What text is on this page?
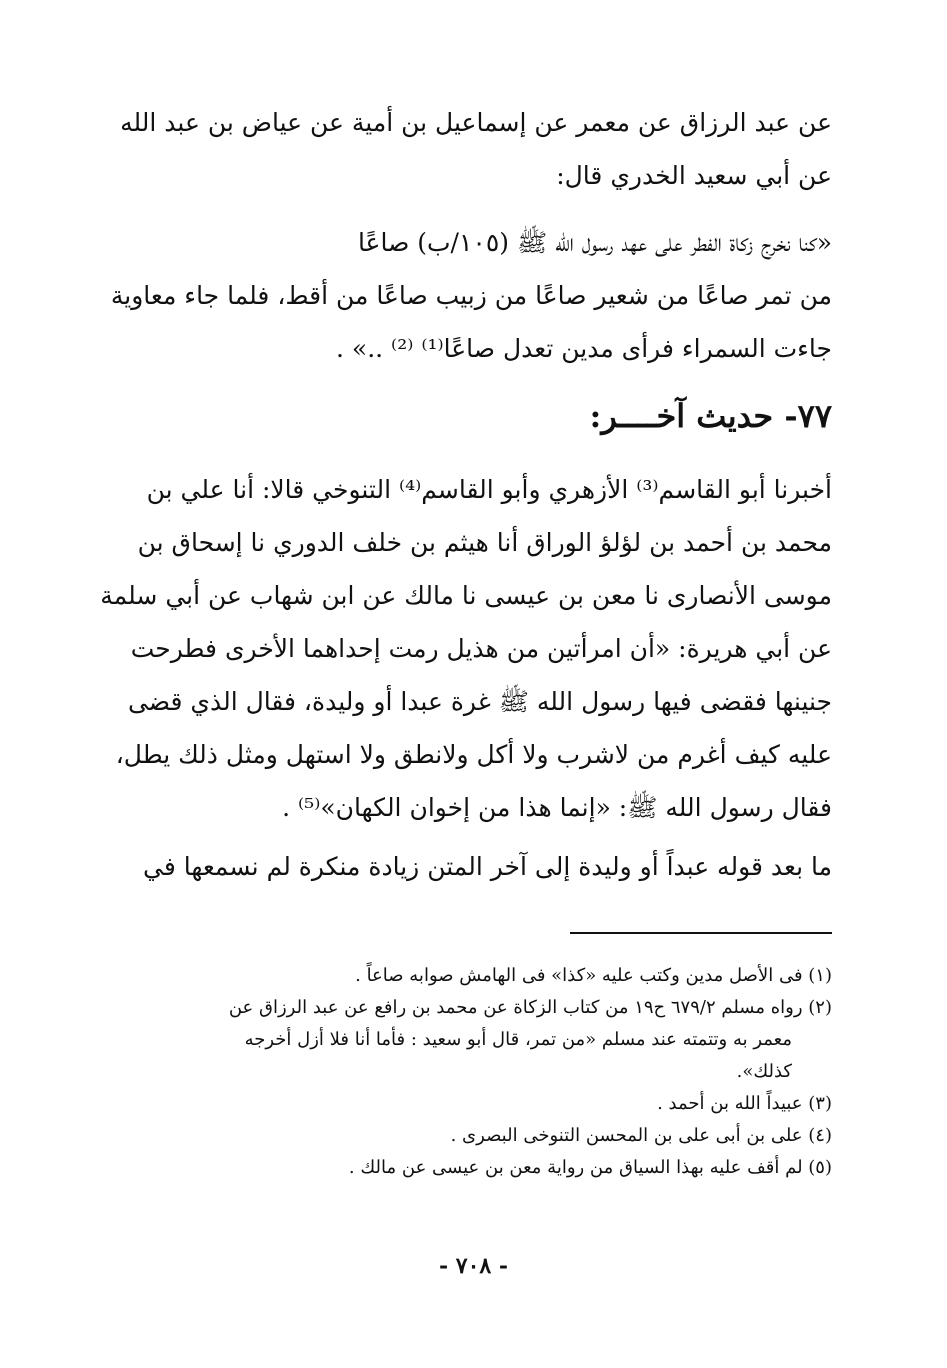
عن عبد الرزاق عن معمر عن إسماعيل بن أمية عن عياض بن عبد الله

عن أبي سعيد الخدري قال:

«كنا نخرج زكاة الفطر على عهد رسول الله ﷺ (١٠٥/ب) صاعًا

من تمر صاعًا من شعير صاعًا من زبيب صاعًا من أقط، فلما جاء معاوية

جاءت السمراء فرأى مدين تعدل صاعًا⁽¹⁾ ⁽²⁾ ..» .

٧٧- حديث آخــــر:

أخبرنا أبو القاسم⁽³⁾ الأزهري وأبو القاسم⁽⁴⁾ التنوخي قالا: أنا علي بن

محمد بن أحمد بن لؤلؤ الوراق أنا هيثم بن خلف الدوري نا إسحاق بن

موسى الأنصارى نا معن بن عيسى نا مالك عن ابن شهاب عن أبي سلمة

عن أبي هريرة: «أن امرأتين من هذيل رمت إحداهما الأخرى فطرحت

جنينها فقضى فيها رسول الله ﷺ غرة عبدا أو وليدة، فقال الذي قضى

عليه كيف أغرم من لاشرب ولا أكل ولانطق ولا استهل ومثل ذلك يطل،

فقال رسول الله ﷺ: «إنما هذا من إخوان الكهان»⁽⁵⁾ .

ما بعد قوله عبداً أو وليدة إلى آخر المتن زيادة منكرة لم نسمعها في

(١) فى الأصل مدين وكتب عليه «كذا» فى الهامش صوابه صاعاً .

(٢) رواه مسلم ٦٧٩/٢ ح١٩ من كتاب الزكاة عن محمد بن رافع عن عبد الرزاق عن
معمر به وتتمته عند مسلم «من تمر، قال أبو سعيد : فأما أنا فلا أزل أخرجه
كذلك».

(٣) عبيداً الله بن أحمد .

(٤) على بن أبى على بن المحسن التنوخى البصرى .

(٥) لم أقف عليه بهذا السياق من رواية معن بن عيسى عن مالك .

- ٧٠٨ -
